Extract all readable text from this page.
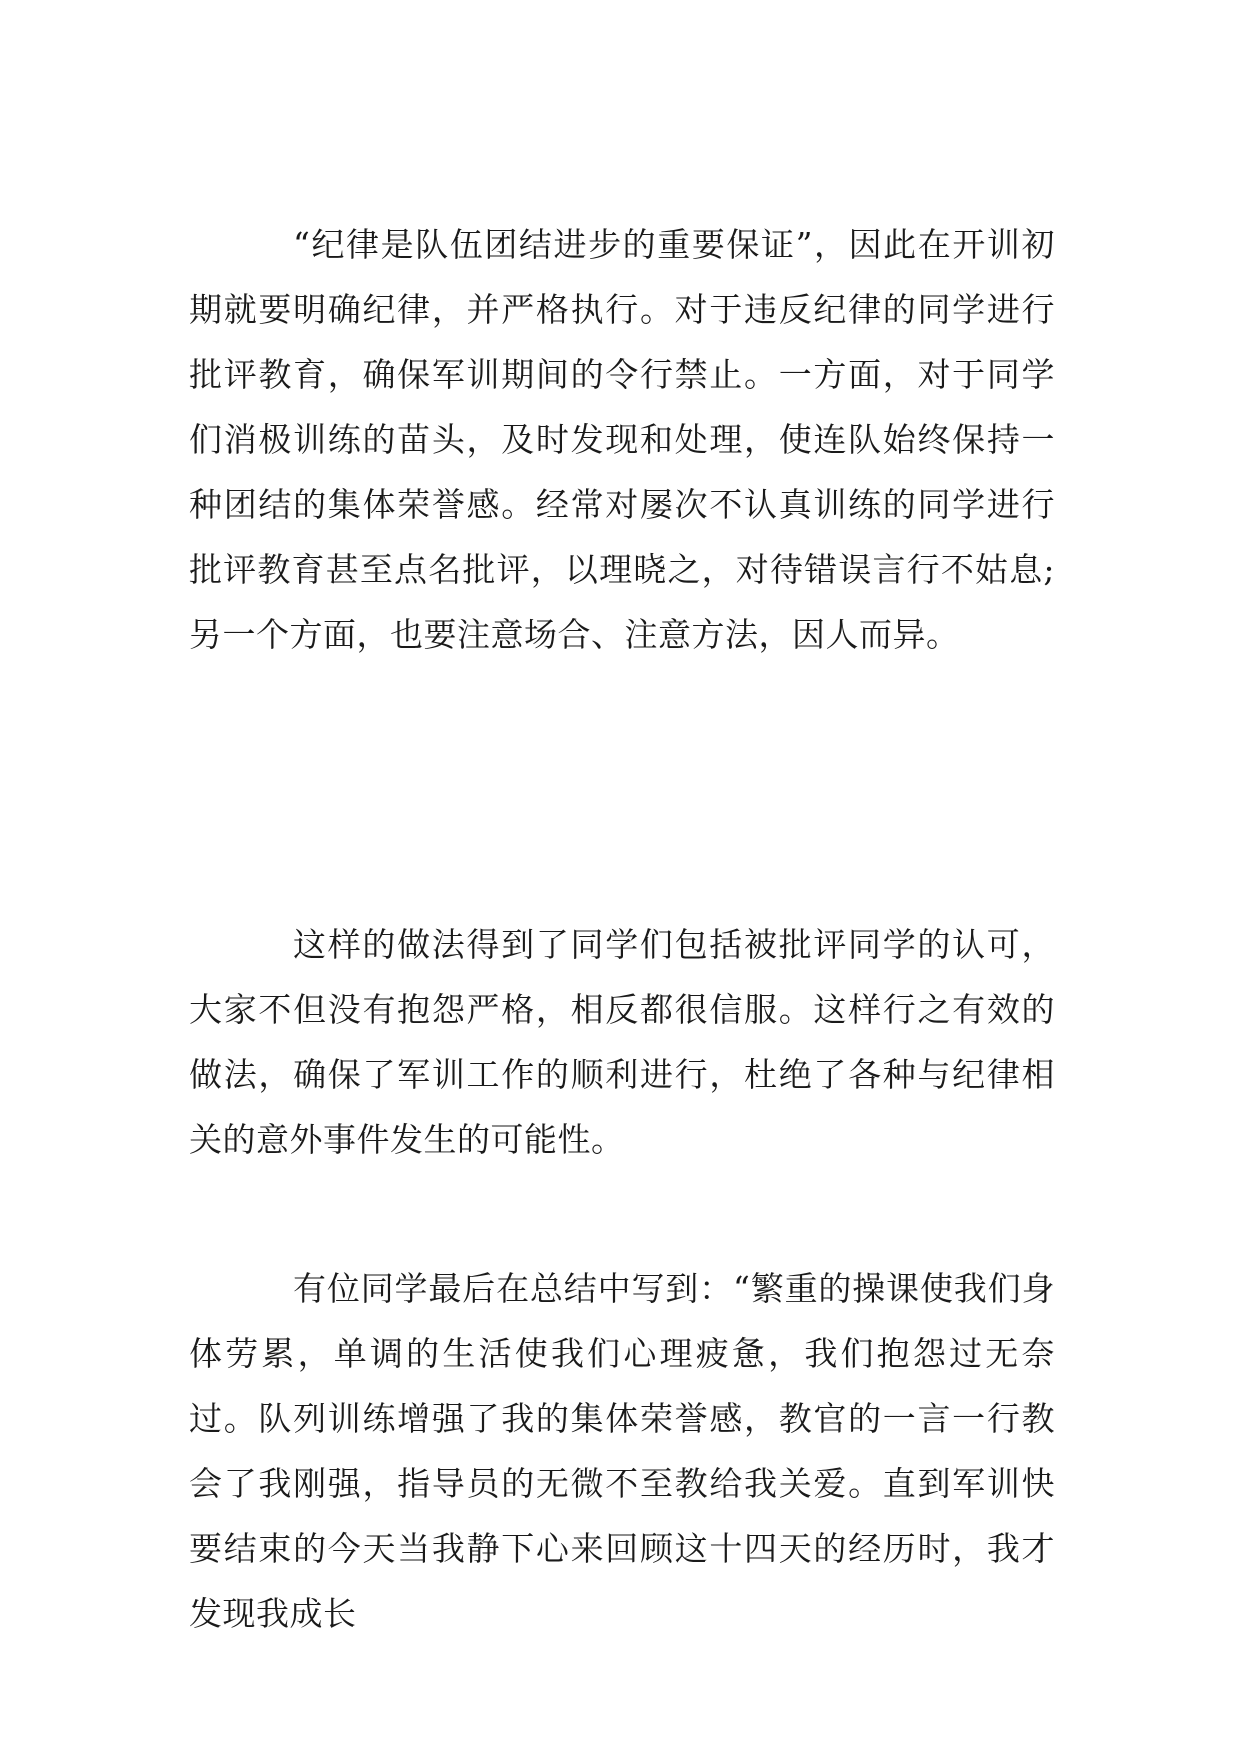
“纪律是队伍团结进步的重要保证”，因此在开训初期就要明确纪律，并严格执行。对于违反纪律的同学进行批评教育，确保军训期间的令行禁止。一方面，对于同学们消极训练的苗头，及时发现和处理，使连队始终保持一种团结的集体荣誉感。经常对屡次不认真训练的同学进行批评教育甚至点名批评，以理晓之，对待错误言行不姑息;另一个方面，也要注意场合、注意方法，因人而异。

这样的做法得到了同学们包括被批评同学的认可，大家不但没有抱怨严格，相反都很信服。这样行之有效的做法，确保了军训工作的顺利进行，杜绝了各种与纪律相关的意外事件发生的可能性。

有位同学最后在总结中写到：“繁重的操课使我们身体劳累，单调的生活使我们心理疲惫，我们抱怨过无奈过。队列训练增强了我的集体荣誉感，教官的一言一行教会了我刚强，指导员的无微不至教给我关爱。直到军训快要结束的今天当我静下心来回顾这十四天的经历时，我才发现我成长
